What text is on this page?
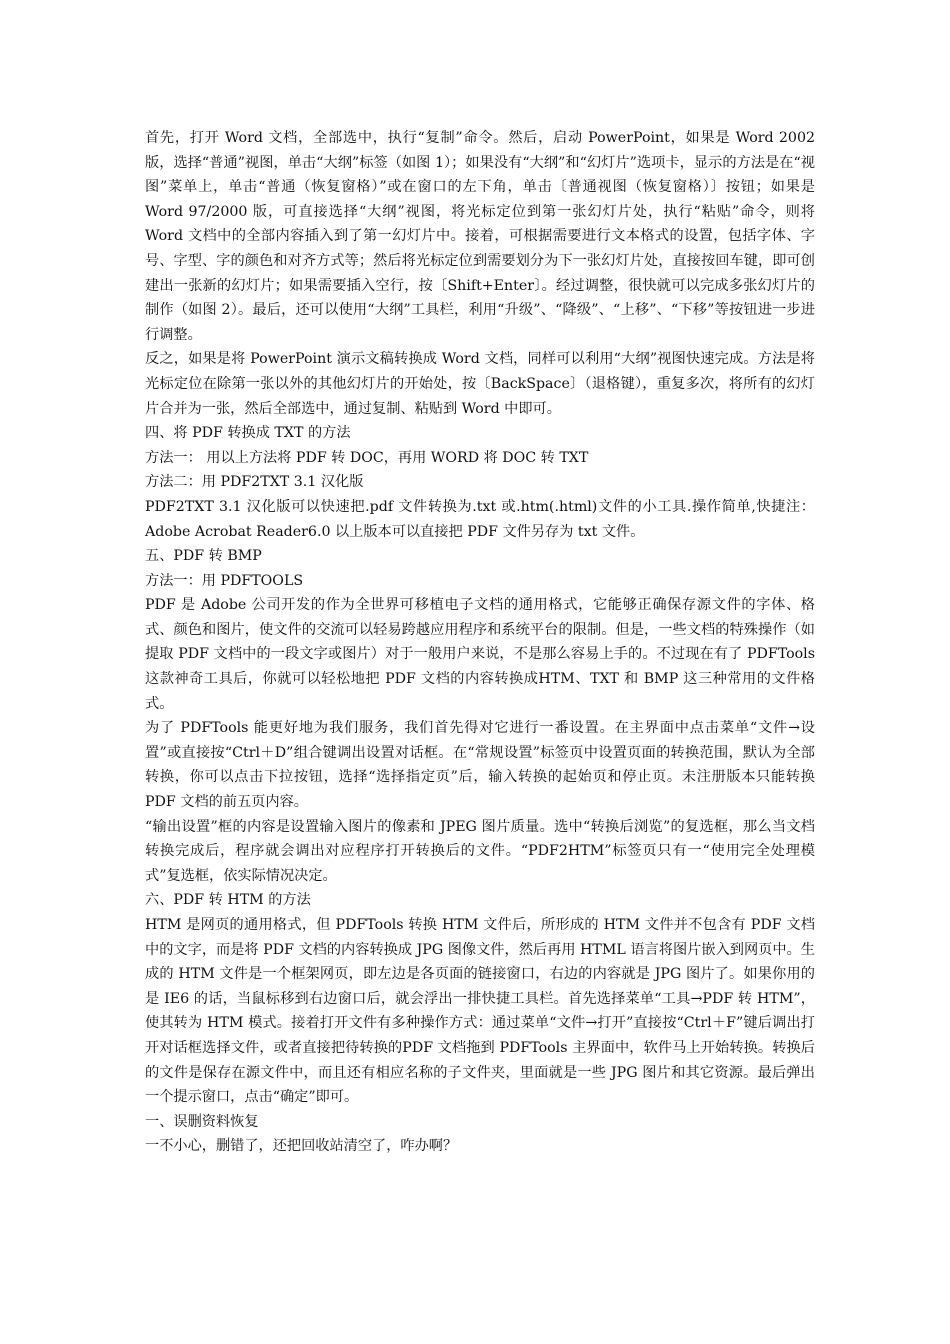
首先，打开 Word 文档，全部选中，执行“复制”命令。然后，启动 PowerPoint，如果是 Word 2002 版，选择“普通”视图，单击“大纲”标签（如图 1）；如果没有“大纲”和“幻灯片”选项卡，显示的方法是在“视图”菜单上，单击“普通（恢复窗格）”或在窗口的左下角，单击〔普通视图（恢复窗格）〕按钮；如果是 Word 97/2000 版，可直接选择“大纲”视图，将光标定位到第一张幻灯片处，执行“粘贴”命令，则将 Word 文档中的全部内容插入到了第一幻灯片中。接着，可根据需要进行文本格式的设置，包括字体、字号、字型、字的颜色和对齐方式等；然后将光标定位到需要划分为下一张幻灯片处，直接按回车键，即可创建出一张新的幻灯片；如果需要插入空行，按〔Shift+Enter〕。经过调整，很快就可以完成多张幻灯片的制作（如图 2）。最后，还可以使用“大纲”工具栏，利用“升级”、“降级”、“上移”、“下移”等按钮进一步进行调整。

反之，如果是将 PowerPoint 演示文稿转换成 Word 文档，同样可以利用“大纲”视图快速完成。方法是将光标定位在除第一张以外的其他幻灯片的开始处，按〔BackSpace〕（退格键），重复多次，将所有的幻灯片合并为一张，然后全部选中，通过复制、粘贴到 Word 中即可。

四、将 PDF 转换成 TXT 的方法

方法一： 用以上方法将 PDF 转 DOC，再用 WORD 将 DOC 转 TXT

方法二：用 PDF2TXT 3.1 汉化版

PDF2TXT 3.1 汉化版可以快速把.pdf 文件转换为.txt 或.htm(.html)文件的小工具.操作简单,快捷注：Adobe Acrobat Reader6.0 以上版本可以直接把 PDF 文件另存为 txt 文件。

五、PDF 转 BMP

方法一：用 PDFTOOLS

PDF 是 Adobe 公司开发的作为全世界可移植电子文档的通用格式，它能够正确保存源文件的字体、格式、颜色和图片，使文件的交流可以轻易跨越应用程序和系统平台的限制。但是，一些文档的特殊操作（如提取 PDF 文档中的一段文字或图片）对于一般用户来说，不是那么容易上手的。不过现在有了 PDFTools 这款神奇工具后，你就可以轻松地把 PDF 文档的内容转换成HTM、TXT 和 BMP 这三种常用的文件格式。

为了 PDFTools 能更好地为我们服务，我们首先得对它进行一番设置。在主界面中点击菜单“文件→设置”或直接按“Ctrl＋D”组合键调出设置对话框。在“常规设置”标签页中设置页面的转换范围，默认为全部转换，你可以点击下拉按钮，选择“选择指定页”后，输入转换的起始页和停止页。未注册版本只能转换 PDF 文档的前五页内容。

“输出设置”框的内容是设置输入图片的像素和 JPEG 图片质量。选中“转换后浏览”的复选框，那么当文档转换完成后，程序就会调出对应程序打开转换后的文件。“PDF2HTM”标签页只有一“使用完全处理模式”复选框，依实际情况决定。

六、PDF 转 HTM 的方法

HTM 是网页的通用格式，但 PDFTools 转换 HTM 文件后，所形成的 HTM 文件并不包含有 PDF 文档中的文字，而是将 PDF 文档的内容转换成 JPG 图像文件，然后再用 HTML 语言将图片嵌入到网页中。生成的 HTM 文件是一个框架网页，即左边是各页面的链接窗口，右边的内容就是 JPG 图片了。如果你用的是 IE6 的话，当鼠标移到右边窗口后，就会浮出一排快捷工具栏。首先选择菜单“工具→PDF 转 HTM”，使其转为 HTM 模式。接着打开文件有多种操作方式：通过菜单“文件→打开”直接按“Ctrl＋F”键后调出打开对话框选择文件，或者直接把待转换的PDF 文档拖到 PDFTools 主界面中，软件马上开始转换。转换后的文件是保存在源文件中，而且还有相应名称的子文件夹，里面就是一些 JPG 图片和其它资源。最后弹出一个提示窗口，点击“确定”即可。

一、误删资料恢复

一不小心，删错了，还把回收站清空了，咋办啊？
